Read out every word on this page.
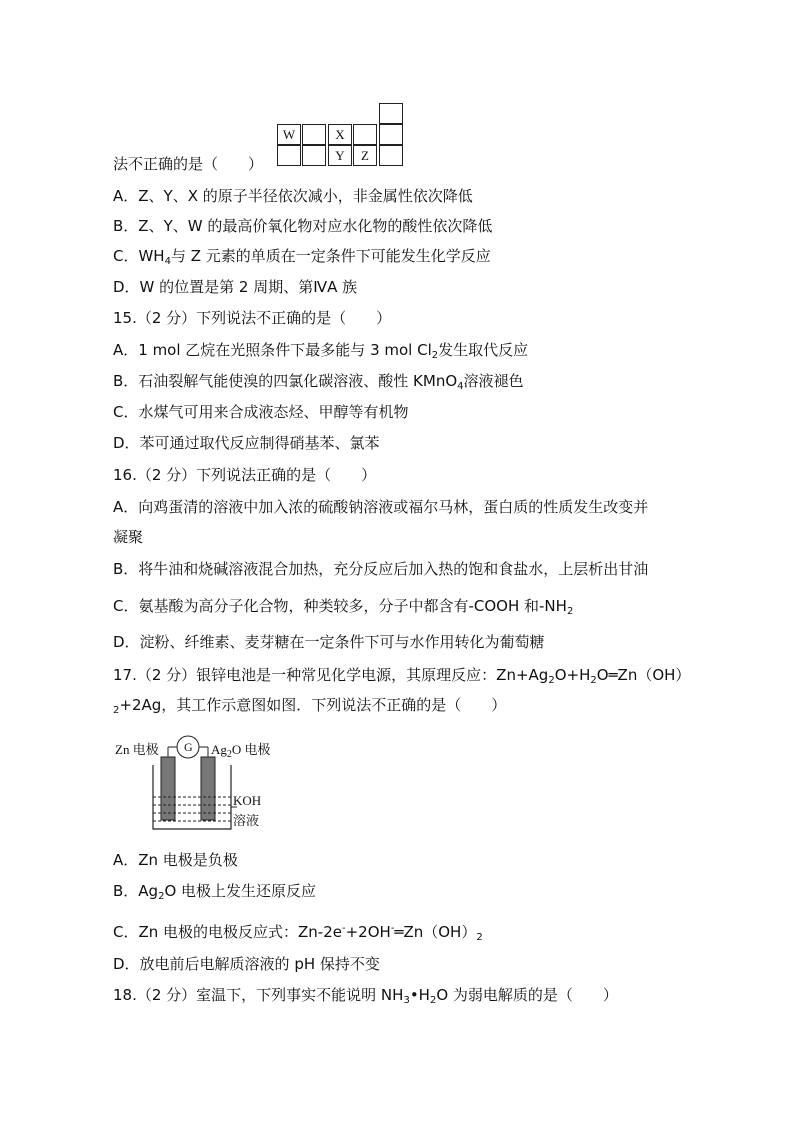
W	X
Y	Z
法不正确的是（　　）
A．Z、Y、X 的原子半径依次减小，非金属性依次降低
B．Z、Y、W 的最高价氧化物对应水化物的酸性依次降低
C．$WH_4$与 Z 元素的单质在一定条件下可能发生化学反应
D．W 的位置是第 2 周期、第ⅣA 族
15.（2 分）下列说法不正确的是（　　）
A．1 mol 乙烷在光照条件下最多能与 3 mol $Cl_2$发生取代反应
B．石油裂解气能使溴的四氯化碳溶液、酸性 KMnO$_4$溶液褪色
C．水煤气可用来合成液态烃、甲醇等有机物
D．苯可通过取代反应制得硝基苯、氯苯
16.（2 分）下列说法正确的是（　　）
A．向鸡蛋清的溶液中加入浓的硫酸钠溶液或福尔马林，蛋白质的性质发生改变并
凝聚
B．将牛油和烧碱溶液混合加热，充分反应后加入热的饱和食盐水，上层析出甘油
C．氨基酸为高分子化合物，种类较多，分子中都含有-COOH 和$-NH_2$
D．淀粉、纤维素、麦芽糖在一定条件下可与水作用转化为葡萄糖
17.（2 分）银锌电池是一种常见化学电源，其原理反应：$Zn+Ag_2O+H_2O═Zn(OH)$
$_2$+2Ag，其工作示意图如图．下列说法不正确的是（　　）
Zn 电极 G $Ag_2O$ 电极
KOH
溶液
A．Zn 电极是负极
B．$Ag_2O$ 电极上发生还原反应
C．Zn 电极的电极反应式：$Zn-2e^-+2OH^-═Zn(OH)_2$
D．放电前后电解质溶液的 pH 保持不变
18.（2 分）室温下，下列事实不能说明 $NH_3•H_2O$ 为弱电解质的是（　　）
